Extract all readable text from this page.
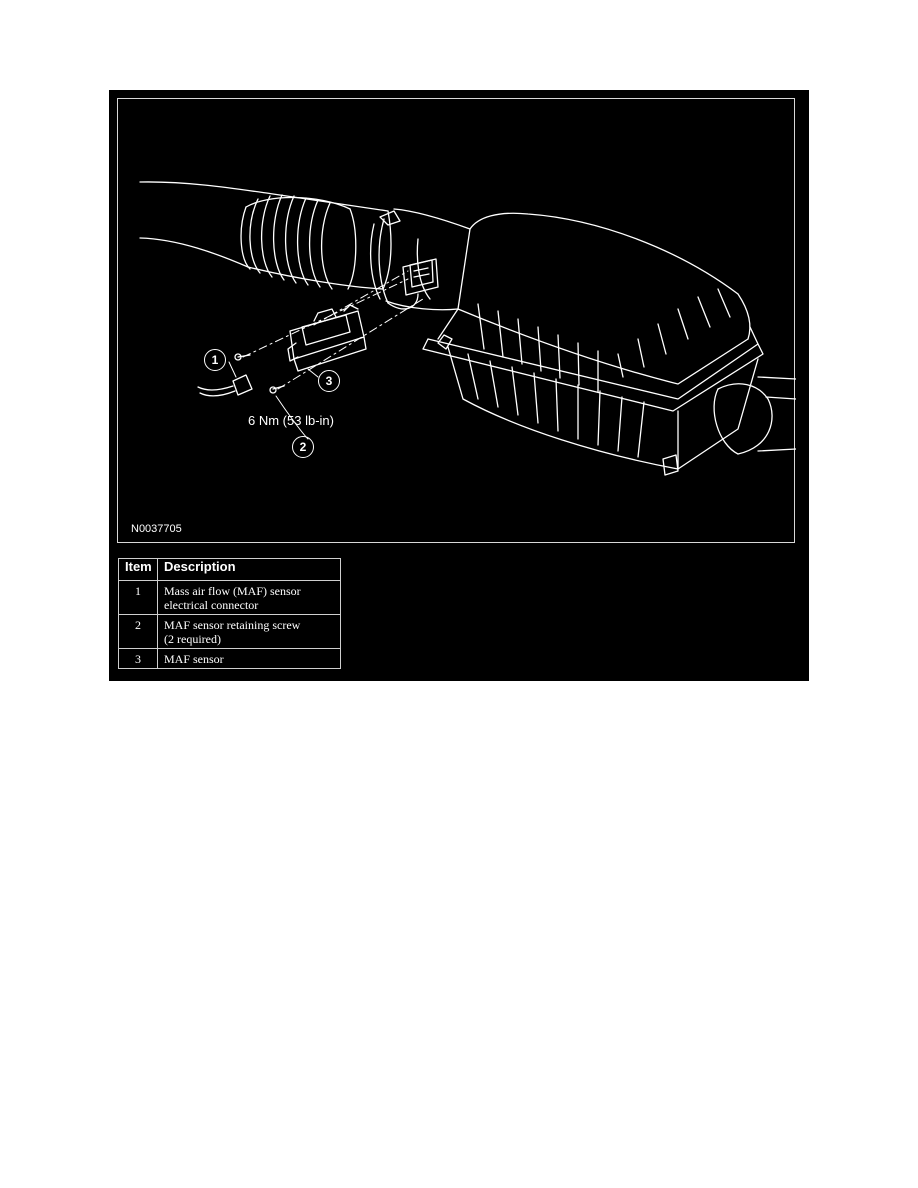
1
3
2
6 Nm (53 lb-in)
N0037705
Item	Description
1	Mass air flow (MAF) sensor
electrical connector

2	MAF sensor retaining screw
(2 required)

3	MAF sensor
